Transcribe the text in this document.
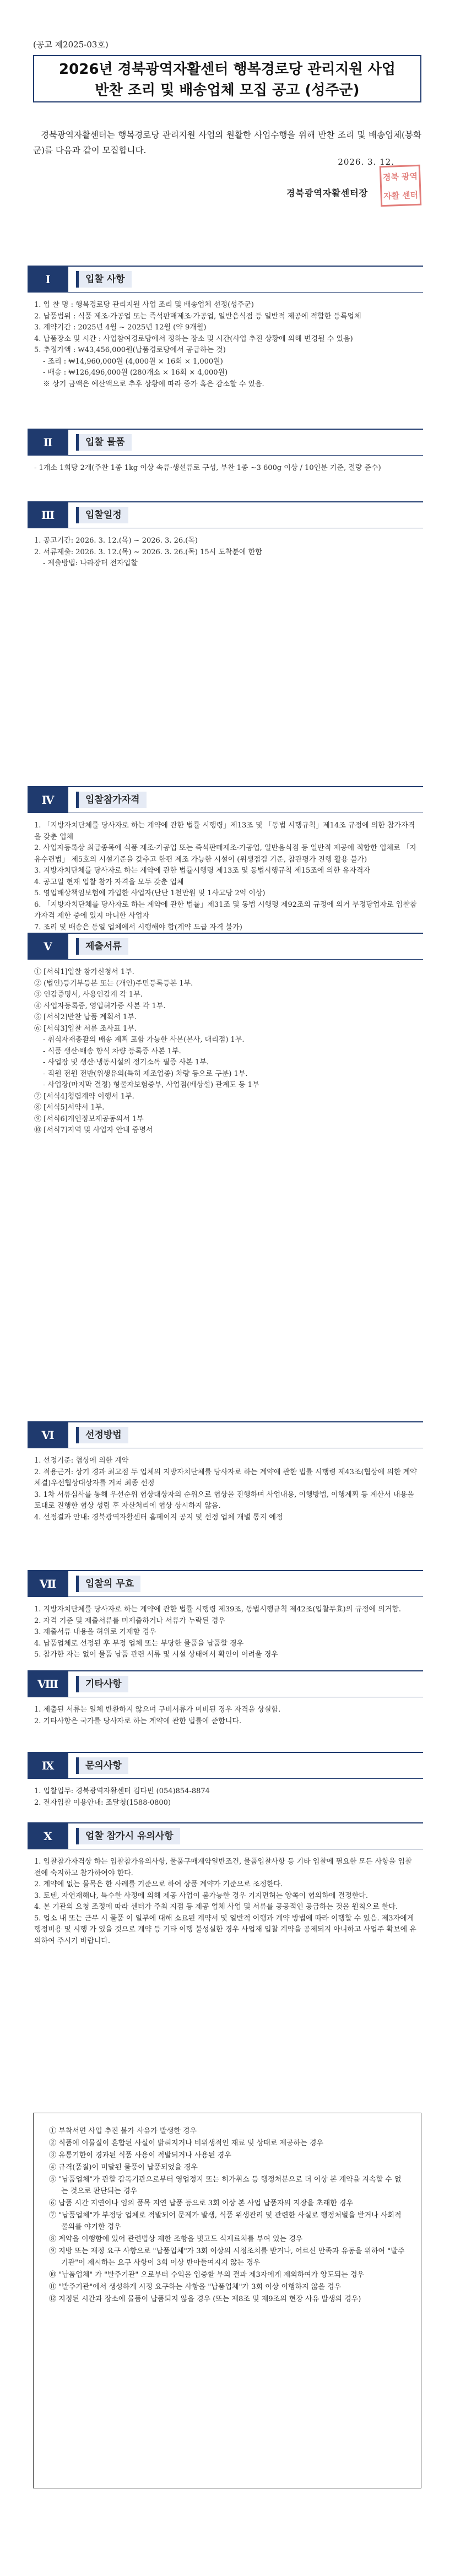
(공고 제2025-03호)
2026년 경북광역자활센터 행복경로당 관리지원 사업
반찬 조리 및 배송업체 모집 공고 (성주군)

경북광역자활센터는 행복경로당 관리지원 사업의 원활한 사업수행을 위해 반찬 조리 및 배송업체(봉화군)를 다음과 같이 모집합니다.

2026. 3. 12.
경북광역자활센터장
경북 광역
자활 센터
Ⅰ	입찰 사항

1. 입 찰 명 : 행복경로당 관리지원 사업 조리 및 배송업체 선정(성주군)

2. 납품범위 : 식품 제조·가공업 또는 즉석판매제조·가공업, 일반음식점 등 일반적 제공에 적합한 등록업체

3. 계약기간 : 2025년 4월 ~ 2025년 12월 (약 9개월)

4. 납품장소 및 시간 : 사업참여경로당에서 정하는 장소 및 시간(사업 추진 상황에 의해 변경될 수 있음)

5. 추정가액 : ₩43,456,000원(납품경로당에서 공급하는 것)

- 조리 : ₩14,960,000원 (4,000원 × 16회 × 1,000원)

- 배송 : ₩126,496,000원 (280개소 × 16회 × 4,000원)

※ 상기 금액은 예산액으로 추후 상황에 따라 증가 혹은 감소할 수 있음.

Ⅱ	입찰 물품

- 1개소 1회당 2개(주찬 1종 1kg 이상 속류·생선류로 구성, 부찬 1종 ~3 600g 이상 / 10인분 기준, 절량 준수)

Ⅲ	입찰일정

1. 공고기간: 2026. 3. 12.(목) ~ 2026. 3. 26.(목)

2. 서류제출: 2026. 3. 12.(목) ~ 2026. 3. 26.(목) 15시 도착분에 한함

- 제출방법: 나라장터 전자입찰

Ⅳ	입찰참가자격

1. 「지방자치단체를 당사자로 하는 계약에 관한 법률 시행령」제13조 및 「동법 시행규칙」제14조 규정에 의한 참가자격을 갖춘 업체

2. 사업자등록상 최급종목에 식품 제조·가공업 또는 즉석판매제조·가공업, 일반음식점 등 일반적 제공에 적합한 업체로 「자유수련법」 제5호의 시설기준을 갖추고 한편 제조 가능한 시설이 (위생점검 기준, 참관평가 진행 활용 불가)

3. 지방자치단체를 당사자로 하는 계약에 관한 법률시행령 제13조 및 동법시행규칙 제15조에 의한 유자격자

4. 공고일 현재 입찰 참가 자격을 모두 갖춘 업체

5. 영업배상책임보험에 가입한 사업자(단단 1천만원 및 1사고당 2억 이상)

6. 「지방자치단체를 당사자로 하는 계약에 관한 법률」제31조 및 동법 시행령 제92조의 규정에 의거 부정당업자로 입찰참가자격 제한 중에 있지 아니한 사업자

7. 조리 및 배송은 동일 업체에서 시행해야 함(계약 도급 자격 불가)

Ⅴ	제출서류

① [서식1]입찰 참가신청서 1부.

② (법인)등기부등본 또는 (개인)주민등록등본 1부.

③ 인감증명서, 사용인감계 각 1부.

④ 사업자등록증, 영업허가증 사본 각 1부.

⑤ [서식2]반찬 납품 계획서 1부.

⑥ [서식3]입찰 서류 조사표 1부.

- 취식자재총괄의 배송 계획 포함 가능한 사본(본사, 대리점) 1부.

- 식품 생산·배송 향식 차량 등록증 사본 1부.

- 사업장 및 생산·냉동시설의 정기소독 필증 사본 1부.

- 직원 전원 전반(위생유의(특히 제조업종) 차량 등으로 구분) 1부.

- 사업장(마지막 결정) 형물자보험증부, 사업점(배상설) 관계도 등 1부

⑦ [서식4]청렴계약 이행서 1부.

⑧ [서식5]서약서 1부.

⑨ [서식6]개인정보제공동의서 1부

⑩ [서식7]지역 및 사업자 안내 증명서

Ⅵ	선정방법

1. 선정기준: 협상에 의한 계약

2. 적용근거: 상기 경과 최고점 두 업체의 지방자치단체를 당사자로 하는 계약에 관한 법률 시행령 제43조(협상에 의한 계약체결)우선협상대상자를 거쳐 최종 선정

3. 1차 서류심사를 통해 우선순위 협상대상자의 순위으로 협상을 진행하며 사업내용, 이행방법, 이행계획 등 계산서 내용을 토대로 진행한 협상 성립 후 자산처리에 협상 상시하지 않음.

4. 선정결과 안내: 경북광역자활센터 홈페이지 공지 및 선정 업체 개별 통지 예정

Ⅶ	입찰의 무효

1. 지방자치단체를 당사자로 하는 계약에 관한 법률 시행령 제39조, 동법시행규칙 제42조(입찰무효)의 규정에 의거함.

2. 자격 기준 및 제출서류를 미제출하거나 서류가 누락된 경우

3. 제출서류 내용을 허위로 기재할 경우

4. 납품업체로 선정된 후 부정 업체 또는 부당한 물품을 납품할 경우

5. 참가한 자는 없어 물품 납품 관련 서류 및 시설 상태에서 확인이 어려울 경우

Ⅷ	기타사항

1. 제출된 서류는 일체 반환하지 않으며 구비서류가 미비된 경우 자격을 상실함.

2. 기타사항은 국가를 당사자로 하는 계약에 관한 법률에 준함니다.

Ⅸ	문의사항

1. 입찰업무: 경북광역자활센터 김다빈 (054)854-8874

2. 전자입찰 이용안내: 조달청(1588-0800)

Ⅹ	업찰 참가시 유의사항

1. 입찰참가자격상 하는 입찰참가유의사항, 물품구매계약일반조건, 물품입찰사항 등 기타 입찰에 필요한 모든 사항을 입찰 전에 숙지하고 참가하여야 한다.

2. 계약에 없는 물목은 한 사례를 기준으로 하여 상품 계약가 기준으로 조정한다.

3. 토텐, 자연재해나, 특수한 사정에 의해 제공 사업이 불가능한 경우 기지면허는 양쪽이 협의하에 결정한다.

4. 본 기관의 요청 조정에 따라 센터가 주최 지점 등 제공 업체 사업 및 서류를 공공적인 공급하는 것을 원칙으로 한다.

5. 업소 내 또는 근무 시 물품 이 일부에 대해 소요된 계약서 및 일반적 이행과 계약 방법에 따라 이행할 수 있음. 제3자에게 행정비용 및 시행 가 있을 것으로 계약 등 기타 이행 불성실한 경우 사업재 입찰 계약을 공제되지 아니하고 사업주 확보에 유의하여 주시기 바랍니다.

① 부착서면 사업 추진 불가 사유가 발생한 경우

② 식품에 이물질이 혼합된 사실이 밝혀지거나 비위생적인 재료 및 상태로 제공하는 경우

③ 유통기한이 경과된 식품 사용이 적발되거나 사용된 경우

④ 규격(품질)이 미달된 물품이 납품되었을 경우

⑤ "납품업체"가 관할 감독기관으로부터 영업정지 또는 허가취소 등 행정처분으로 더 이상 본 계약을 지속할 수 없는 것으로 판단되는 경우

⑥ 납품 시간 지연이나 임의 품목 지연 납품 등으로 3회 이상 본 사업 납품자의 지장을 초래한 경우

⑦ "납품업체"가 부정당 업체로 적발되어 문제가 발생, 식품 위생관리 및 관련한 사실로 행정처벌을 받거나 사회적 물의를 야기한 경우

⑧ 계약을 이행함에 있어 관련법상 제한 조항을 벗고도 식재료처를 부여 있는 경우

⑨ 지방 또는 재정 요구 사항으로 "납품업체"가 3회 이상의 시정조치를 받거나, 어르신 만족과 유동을 위하여 "발주기관"이 제시하는 요구 사항이 3회 이상 반아들여지지 않는 경우

⑩ "납품업체" 가 "발주기관" 으로부터 수익을 입증할 부의 결과 제3자에게 제외하여가 양도되는 경우

⑪ "발주기관"에서 생성하게 시정 요구하는 사항을 "납품업체"가 3회 이상 이행하지 않을 경우

⑫ 지정된 시간과 장소에 물품이 납품되지 않을 경우 (또는 제8조 및 제9조의 현장 사유 발생의 경우)
